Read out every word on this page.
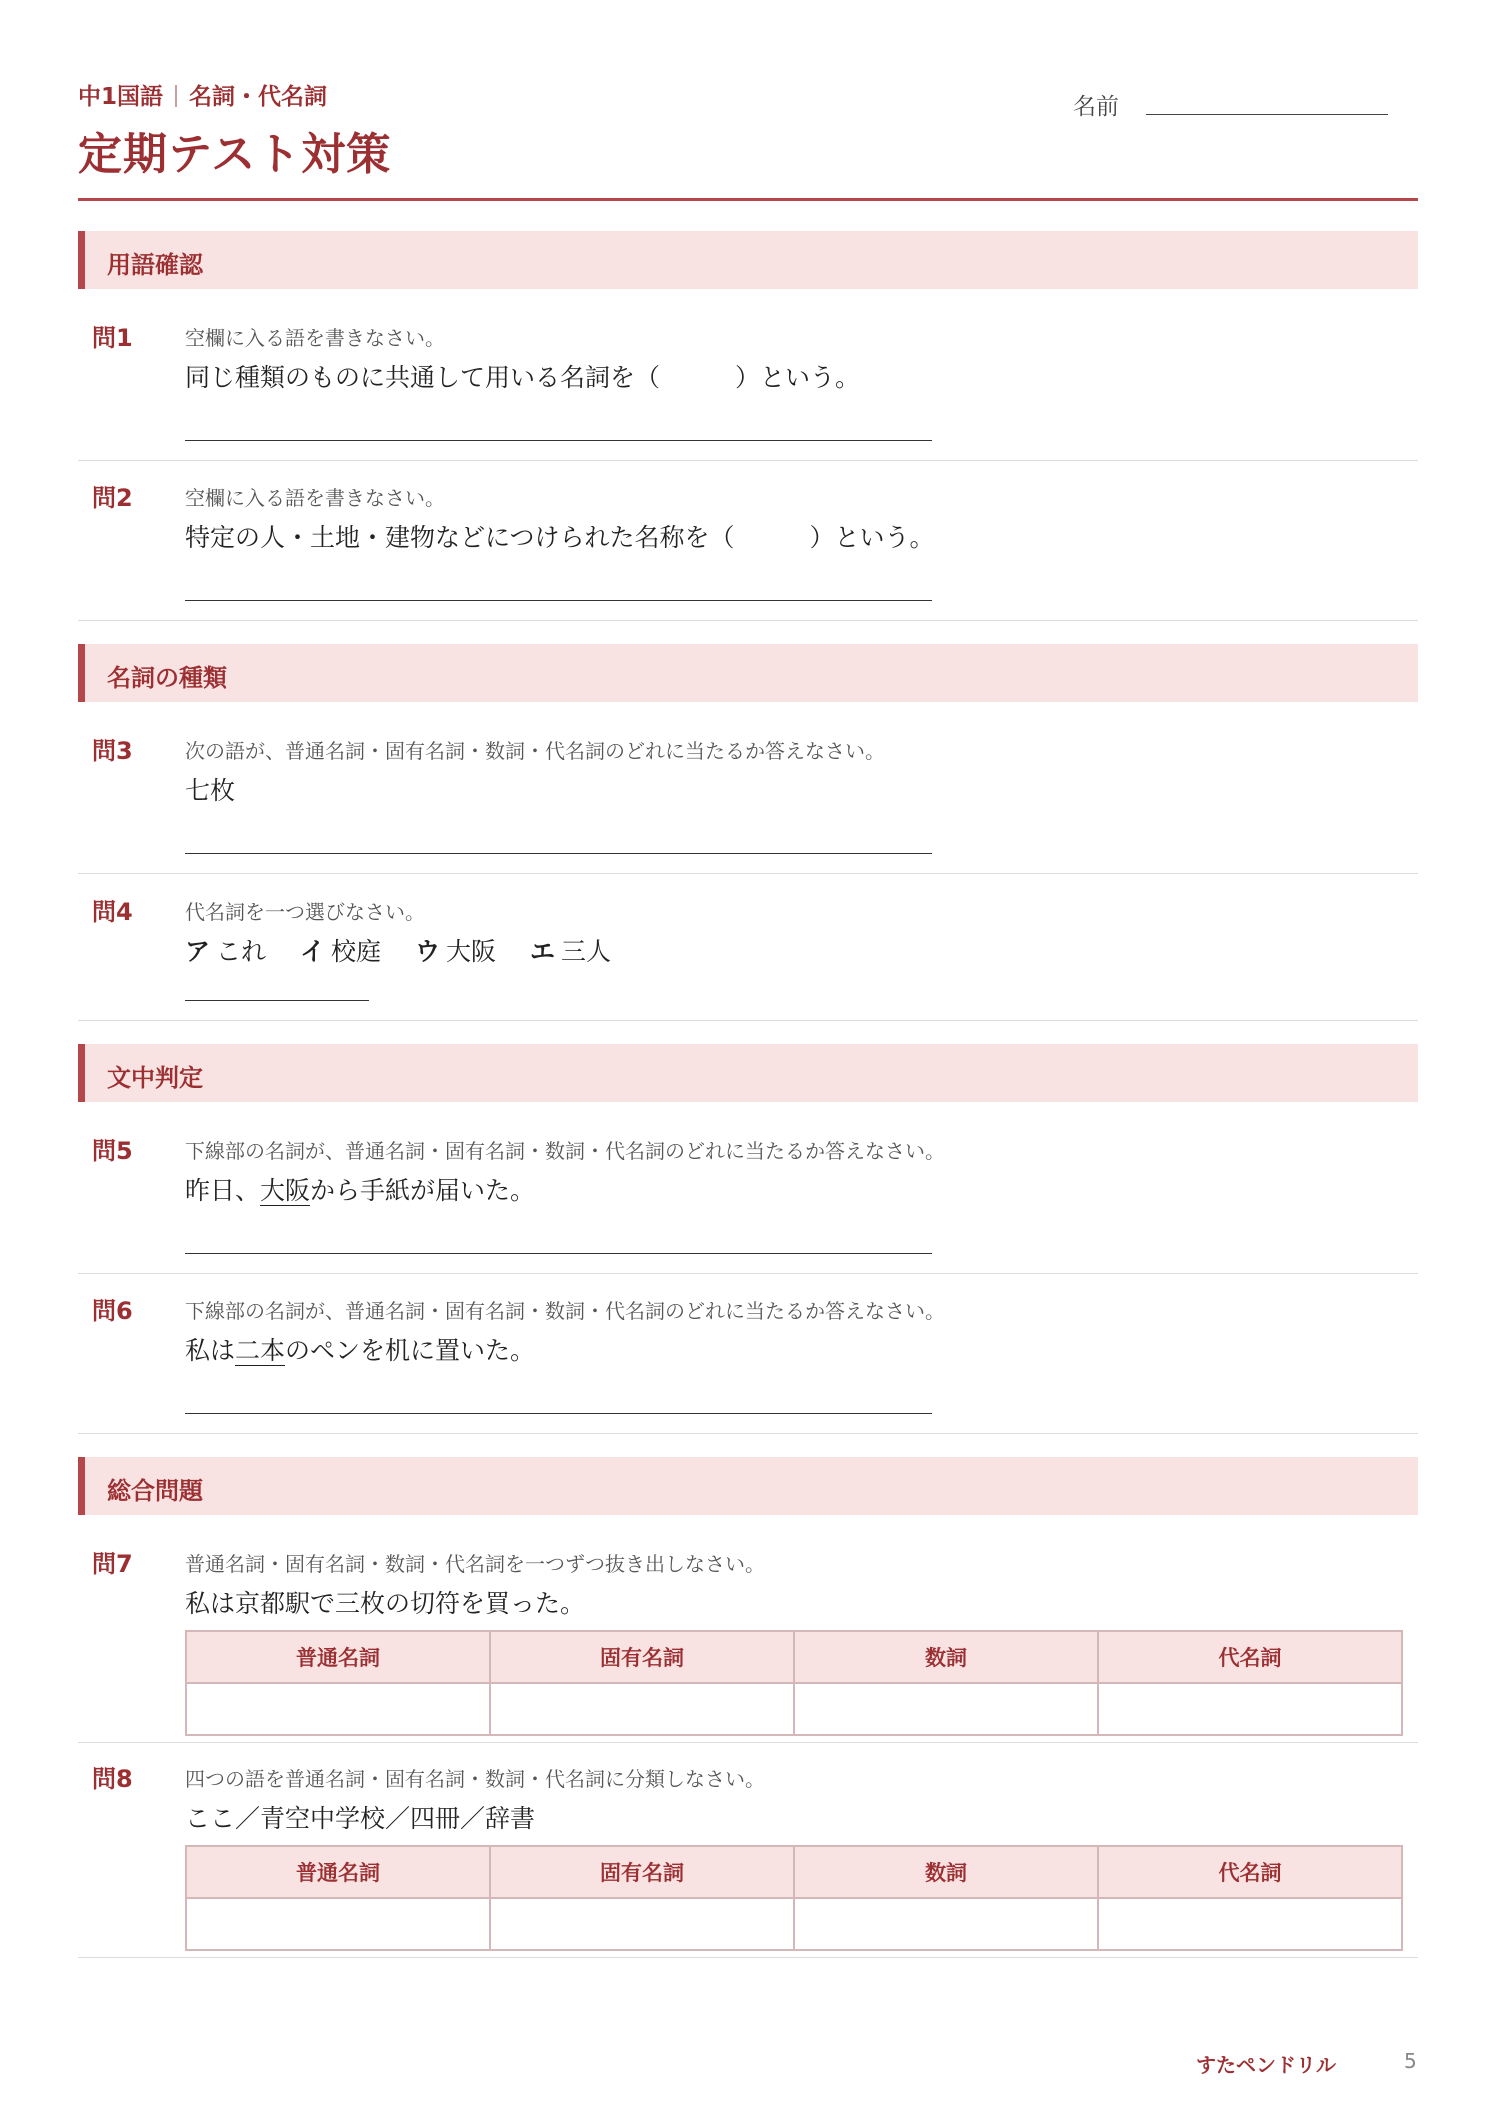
中1国語 名詞・代名詞
定期テスト対策
名前
用語確認
問1	空欄に入る語を書きなさい。
同じ種類のものに共通して用いる名詞を（　　　）という。
問2	空欄に入る語を書きなさい。
特定の人・土地・建物などにつけられた名称を（　　　）という。
名詞の種類
問3	次の語が、普通名詞・固有名詞・数詞・代名詞のどれに当たるか答えなさい。
七枚
問4	代名詞を一つ選びなさい。
ア これ イ 校庭 ウ 大阪 エ 三人
文中判定
問5	下線部の名詞が、普通名詞・固有名詞・数詞・代名詞のどれに当たるか答えなさい。
昨日、大阪から手紙が届いた。
問6	下線部の名詞が、普通名詞・固有名詞・数詞・代名詞のどれに当たるか答えなさい。
私は二本のペンを机に置いた。
総合問題
問7	普通名詞・固有名詞・数詞・代名詞を一つずつ抜き出しなさい。
私は京都駅で三枚の切符を買った。
普通名詞	固有名詞	数詞	代名詞

問8	四つの語を普通名詞・固有名詞・数詞・代名詞に分類しなさい。
ここ／青空中学校／四冊／辞書
普通名詞	固有名詞	数詞	代名詞

すたペンドリル	5
